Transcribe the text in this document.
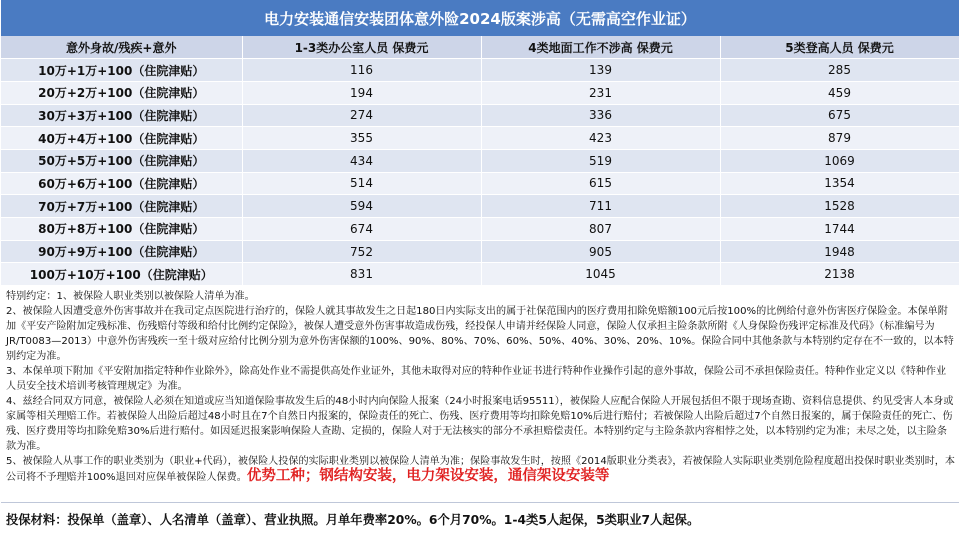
电力安装通信安装团体意外险2024版案涉高（无需高空作业证）
意外身故/残疾+意外	1-3类办公室人员 保费元	4类地面工作不涉高 保费元	5类登高人员 保费元
10万+1万+100（住院津贴）	116	139	285
20万+2万+100（住院津贴）	194	231	459
30万+3万+100（住院津贴）	274	336	675
40万+4万+100（住院津贴）	355	423	879
50万+5万+100（住院津贴）	434	519	1069
60万+6万+100（住院津贴）	514	615	1354
70万+7万+100（住院津贴）	594	711	1528
80万+8万+100（住院津贴）	674	807	1744
90万+9万+100（住院津贴）	752	905	1948
100万+10万+100（住院津贴）	831	1045	2138

特别约定：1、被保险人职业类别以被保险人清单为准。

2、被保险人因遭受意外伤害事故并在我司定点医院进行治疗的，保险人就其事故发生之日起180日内实际支出的属于社保范围内的医疗费用扣除免赔额100元后按100%的比例给付意外伤害医疗保险金。本保单附加《平安产险附加定残标准、伤残赔付等级和给付比例约定保险》，被保人遭受意外伤害事故造成伤残，经投保人申请并经保险人同意，保险人仅承担主险条款所附《人身保险伤残评定标准及代码》（标准编号为JR/T0083—2013）中意外伤害残疾一至十级对应给付比例分别为意外伤害保额的100%、90%、80%、70%、60%、50%、40%、30%、20%、10%。保险合同中其他条款与本特别约定存在不一致的，以本特别约定为准。

3、本保单项下附加《平安附加指定特种作业除外》，除高处作业不需提供高处作业证外，其他未取得对应的特种作业证书进行特种作业操作引起的意外事故，保险公司不承担保险责任。特种作业定义以《特种作业人员安全技术培训考核管理规定》为准。

4、兹经合同双方同意，被保险人必须在知道或应当知道保险事故发生后的48小时内向保险人报案（24小时报案电话95511），被保险人应配合保险人开展包括但不限于现场查勘、资料信息提供、约见受害人本身或家属等相关理赔工作。若被保险人出险后超过48小时且在7个自然日内报案的，保险责任的死亡、伤残、医疗费用等均扣除免赔10%后进行赔付；若被保险人出险后超过7个自然日报案的，属于保险责任的死亡、伤残、医疗费用等均扣除免赔30%后进行赔付。如因延迟报案影响保险人查勘、定损的，保险人对于无法核实的部分不承担赔偿责任。本特别约定与主险条款内容相悖之处，以本特别约定为准；未尽之处，以主险条款为准。

5、被保险人从事工作的职业类别为（职业+代码），被保险人投保的实际职业类别以被保险人清单为准；保险事故发生时，按照《2014版职业分类表》，若被保险人实际职业类别危险程度超出投保时职业类别时，本公司将不予理赔并100%退回对应保单被保险人保费。优势工种；钢结构安装，电力架设安装，通信架设安装等

投保材料：投保单（盖章）、人名清单（盖章）、营业执照。月单年费率20%。6个月70%。1-4类5人起保，5类职业7人起保。
